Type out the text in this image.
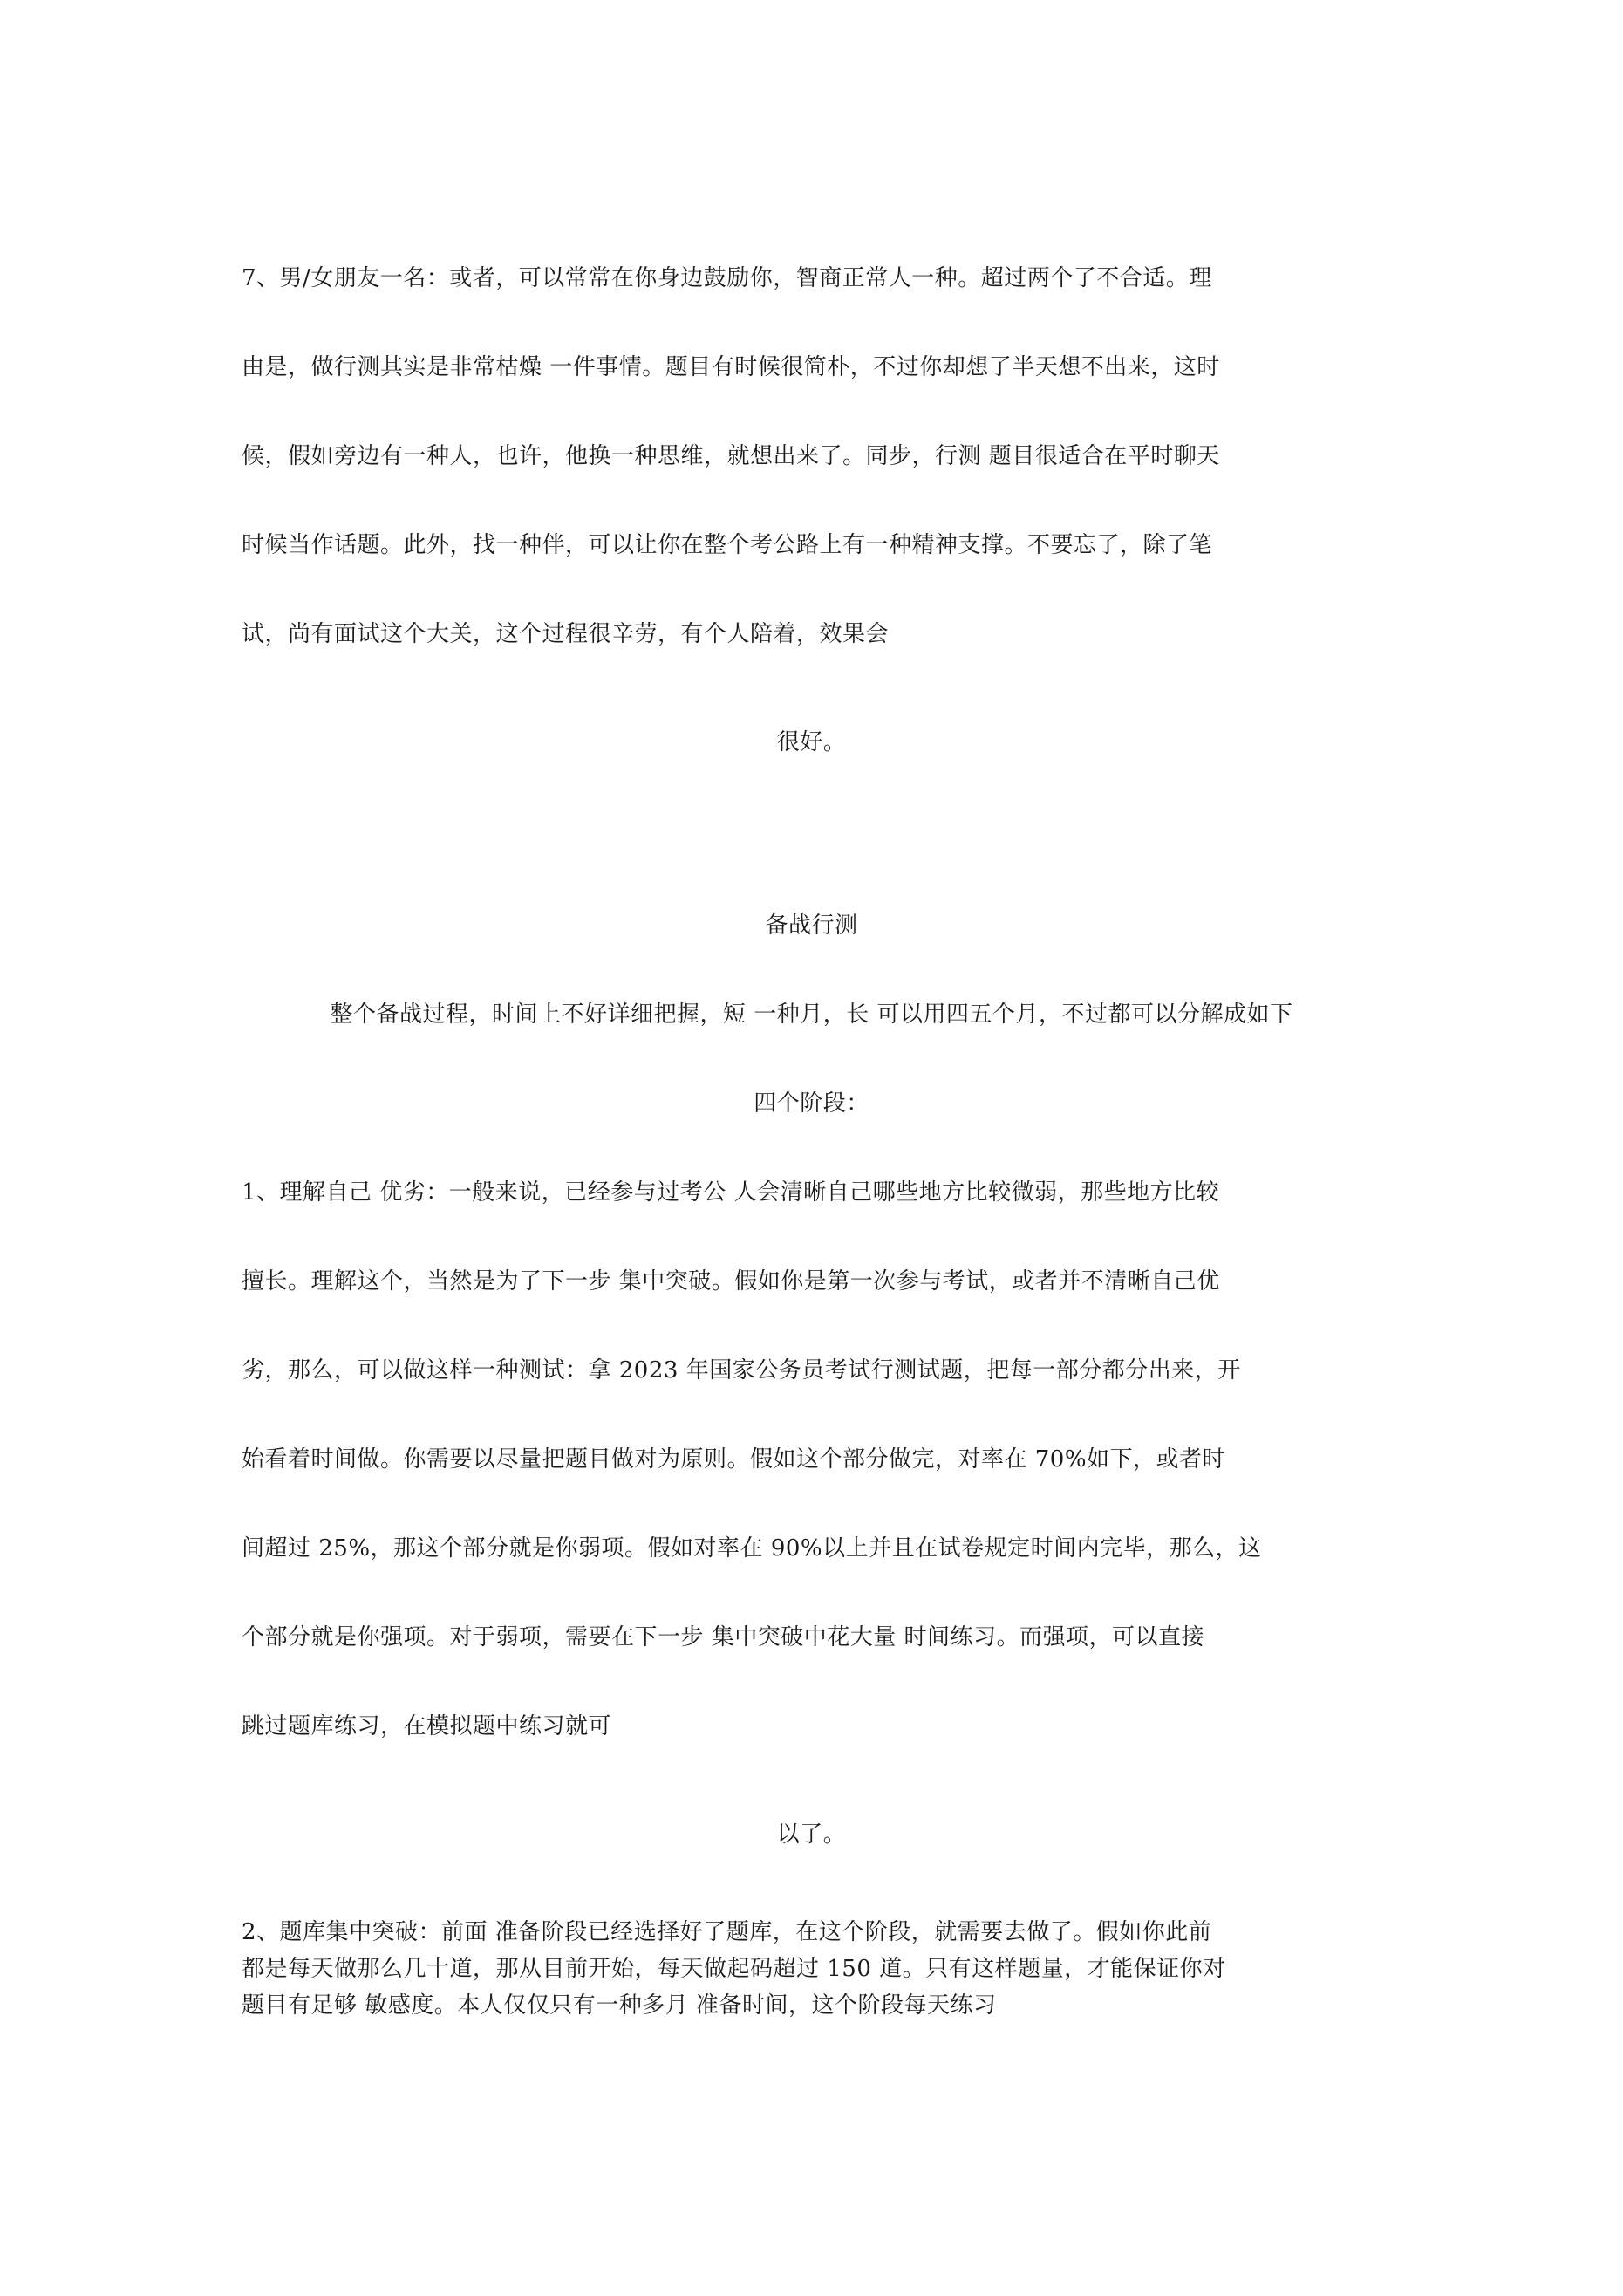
7、男/女朋友一名：或者，可以常常在你身边鼓励你，智商正常人一种。超过两个了不合适。理
由是，做行测其实是非常枯燥 一件事情。题目有时候很简朴，不过你却想了半天想不出来，这时
候，假如旁边有一种人，也许，他换一种思维，就想出来了。同步，行测 题目很适合在平时聊天
时候当作话题。此外，找一种伴，可以让你在整个考公路上有一种精神支撑。不要忘了，除了笔
试，尚有面试这个大关，这个过程很辛劳，有个人陪着，效果会
很好。
备战行测
整个备战过程，时间上不好详细把握，短 一种月，长 可以用四五个月，不过都可以分解成如下
四个阶段：
1、理解自己 优劣：一般来说，已经参与过考公 人会清晰自己哪些地方比较微弱，那些地方比较
擅长。理解这个，当然是为了下一步 集中突破。假如你是第一次参与考试，或者并不清晰自己优
劣，那么，可以做这样一种测试：拿 2023 年国家公务员考试行测试题，把每一部分都分出来，开
始看着时间做。你需要以尽量把题目做对为原则。假如这个部分做完，对率在 70%如下，或者时
间超过 25%，那这个部分就是你弱项。假如对率在 90%以上并且在试卷规定时间内完毕，那么，这
个部分就是你强项。对于弱项，需要在下一步 集中突破中花大量 时间练习。而强项，可以直接
跳过题库练习，在模拟题中练习就可
以了。
2、题库集中突破：前面 准备阶段已经选择好了题库，在这个阶段，就需要去做了。假如你此前
都是每天做那么几十道，那从目前开始，每天做起码超过 150 道。只有这样题量，才能保证你对
题目有足够 敏感度。本人仅仅只有一种多月 准备时间，这个阶段每天练习
